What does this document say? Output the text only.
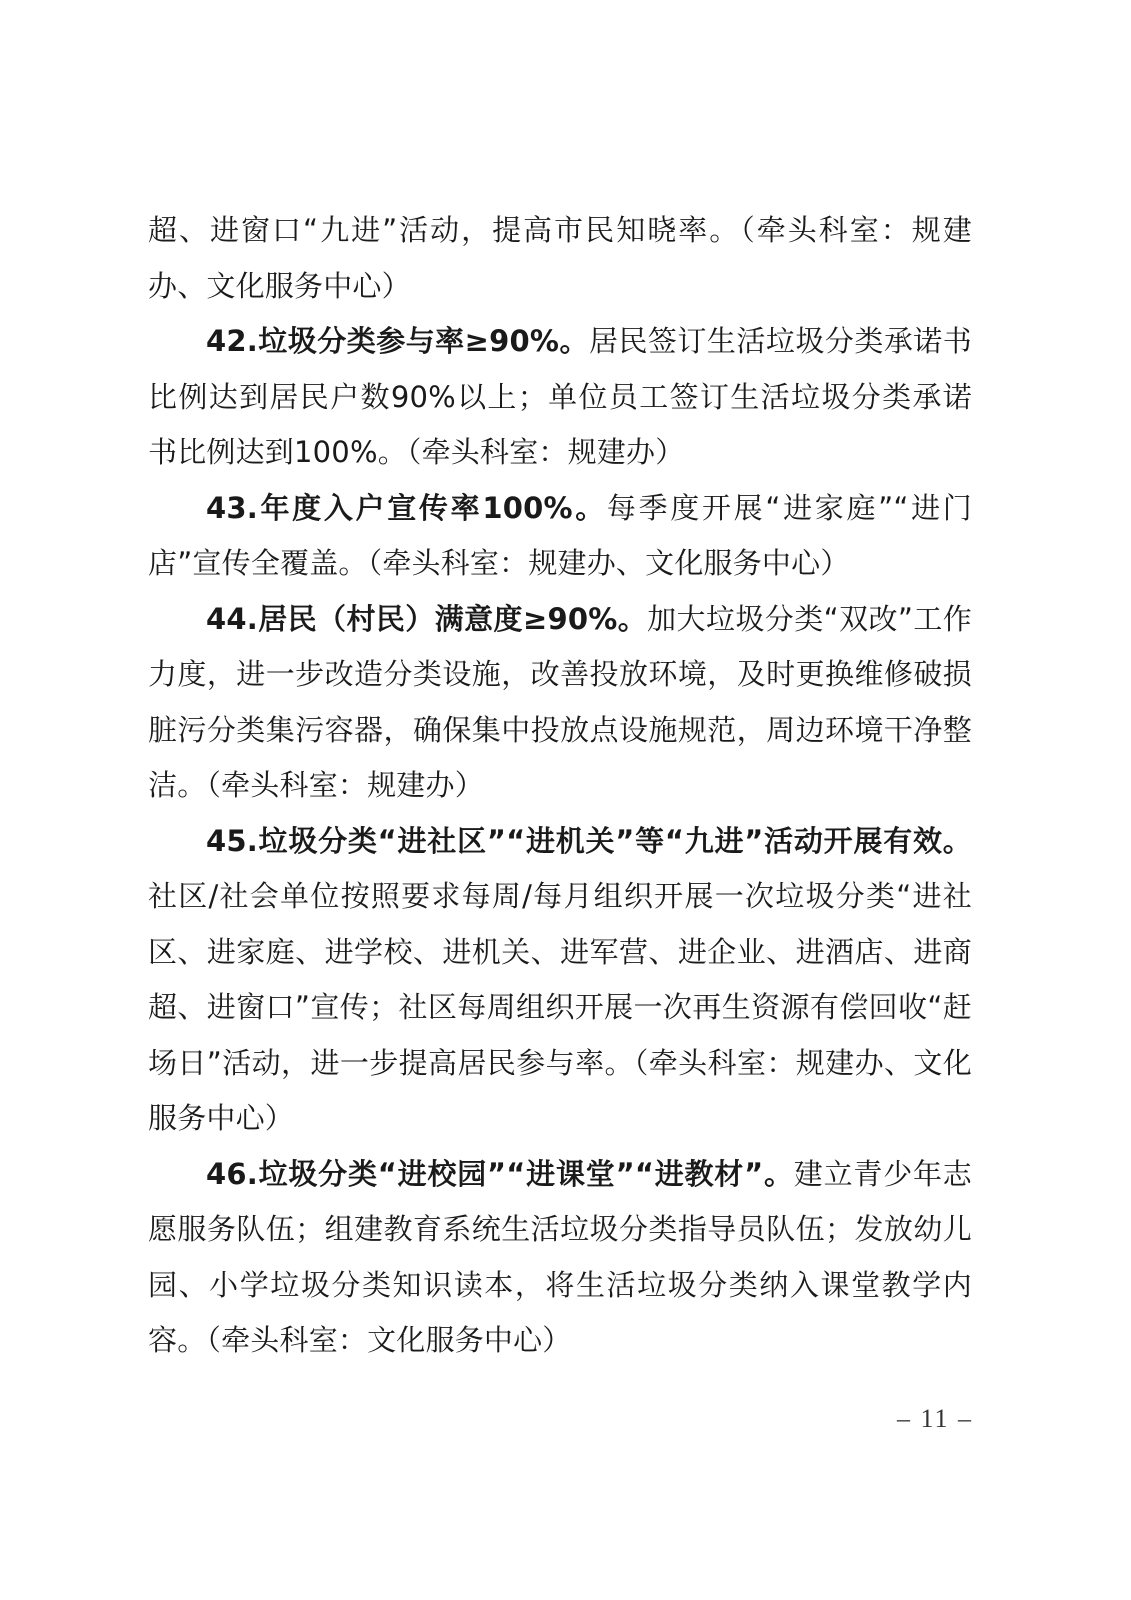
超、进窗口“九进”活动，提高市民知晓率。（牵头科室：规建办、文化服务中心）

42.垃圾分类参与率≥90%。居民签订生活垃圾分类承诺书比例达到居民户数90%以上；单位员工签订生活垃圾分类承诺书比例达到100%。（牵头科室：规建办）

43.年度入户宣传率100%。每季度开展“进家庭”“进门店”宣传全覆盖。（牵头科室：规建办、文化服务中心）

44.居民（村民）满意度≥90%。加大垃圾分类“双改”工作力度，进一步改造分类设施，改善投放环境，及时更换维修破损脏污分类集污容器，确保集中投放点设施规范，周边环境干净整洁。（牵头科室：规建办）

45.垃圾分类“进社区”“进机关”等“九进”活动开展有效。社区/社会单位按照要求每周/每月组织开展一次垃圾分类“进社区、进家庭、进学校、进机关、进军营、进企业、进酒店、进商超、进窗口”宣传；社区每周组织开展一次再生资源有偿回收“赶场日”活动，进一步提高居民参与率。（牵头科室：规建办、文化服务中心）

46.垃圾分类“进校园”“进课堂”“进教材”。建立青少年志愿服务队伍；组建教育系统生活垃圾分类指导员队伍；发放幼儿园、小学垃圾分类知识读本，将生活垃圾分类纳入课堂教学内容。（牵头科室：文化服务中心）

– 11 –
